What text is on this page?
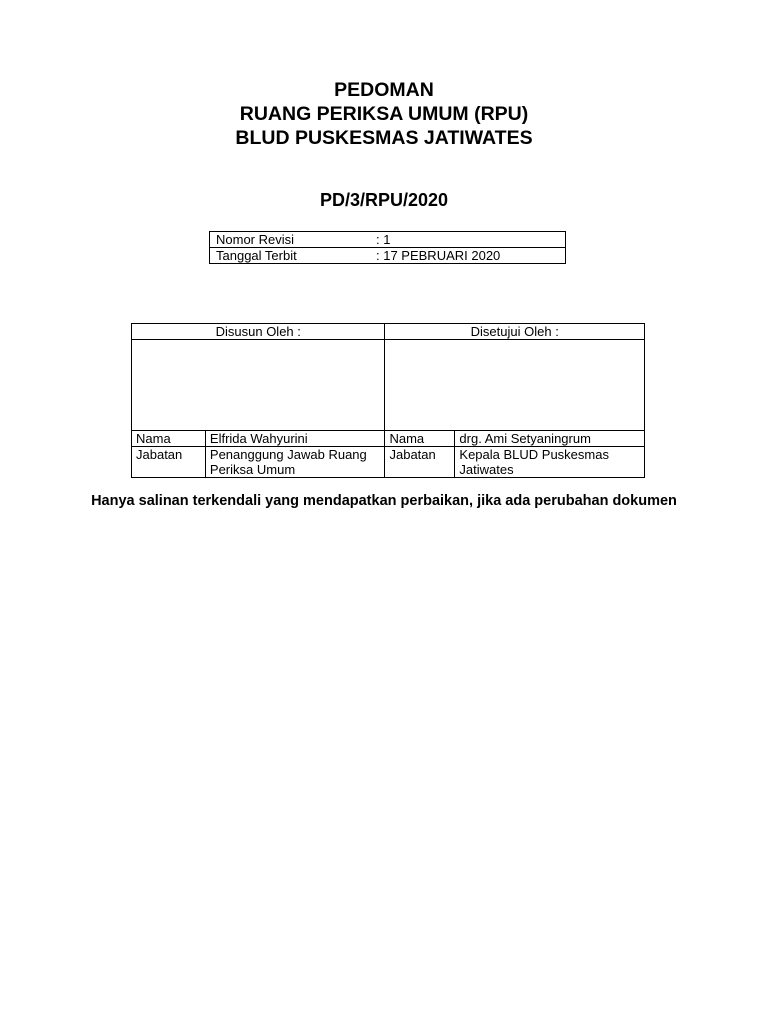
PEDOMAN
RUANG PERIKSA UMUM (RPU)
BLUD PUSKESMAS JATIWATES
PD/3/RPU/2020
Nomor Revisi	: 1
Tanggal Terbit	: 17 PEBRUARI 2020
Disusun Oleh :		Disetujui Oleh :	

Nama	Elfrida Wahyurini	Nama	drg. Ami Setyaningrum
Jabatan	Penanggung Jawab Ruang Periksa Umum	Jabatan	Kepala BLUD Puskesmas Jatiwates
Hanya salinan terkendali yang mendapatkan perbaikan, jika ada perubahan dokumen
